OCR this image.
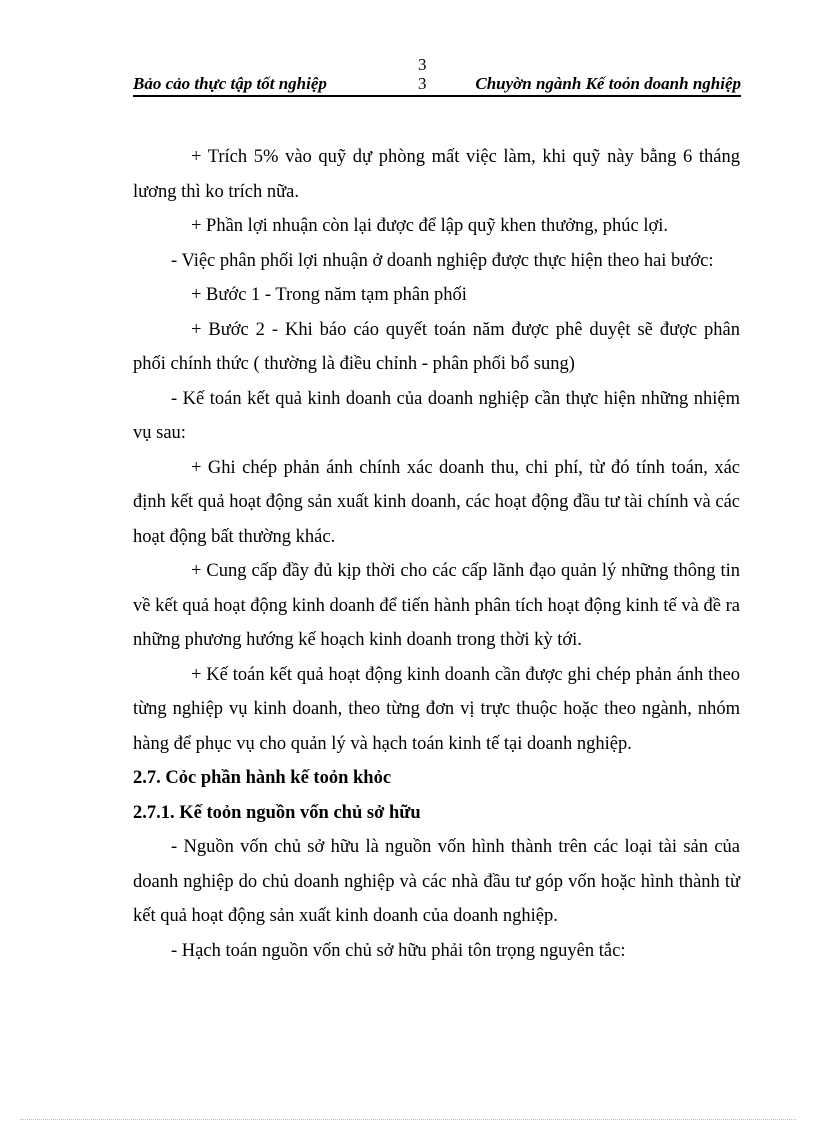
Bảo cảo thực tập tốt nghiệp
3
3	Chuyờn ngành Kế toỏn doanh nghiệp

+ Trích 5% vào quỹ dự phòng mất việc làm, khi quỹ này bằng 6 tháng lương thì ko trích nữa.

+ Phần lợi nhuận còn lại được để lập quỹ khen thưởng, phúc lợi.

- Việc phân phối lợi nhuận ở doanh nghiệp được thực hiện theo hai bước:

+ Bước 1 - Trong năm tạm phân phối

+ Bước 2 - Khi báo cáo quyết toán năm được phê duyệt sẽ được phân phối chính thức ( thường là điều chỉnh - phân phối bổ sung)

- Kế toán kết quả kinh doanh của doanh nghiệp cần thực hiện những nhiệm vụ sau:

+ Ghi chép phản ánh chính xác doanh thu, chi phí, từ đó tính toán, xác định kết quả hoạt động sản xuất kinh doanh, các hoạt động đầu tư tài chính và các hoạt động bất thường khác.

+ Cung cấp đầy đủ kịp thời cho các cấp lãnh đạo quản lý những thông tin về kết quả hoạt động kinh doanh để tiến hành phân tích hoạt động kinh tế và đề ra những phương hướng kế hoạch kinh doanh trong thời kỳ tới.

+ Kế toán kết quả hoạt động kinh doanh cần được ghi chép phản ánh theo từng nghiệp vụ kinh doanh, theo từng đơn vị trực thuộc hoặc theo ngành, nhóm hàng để phục vụ cho quản lý và hạch toán kinh tế tại doanh nghiệp.

2.7. Cỏc phần hành kế toỏn khỏc

2.7.1. Kế toỏn nguồn vốn chủ sở hữu

- Nguồn vốn chủ sở hữu là nguồn vốn hình thành trên các loại tài sản của doanh nghiệp do chủ doanh nghiệp và các nhà đầu tư góp vốn hoặc hình thành từ kết quả hoạt động sản xuất kinh doanh của doanh nghiệp.

- Hạch toán nguồn vốn chủ sở hữu phải tôn trọng nguyên tắc:
